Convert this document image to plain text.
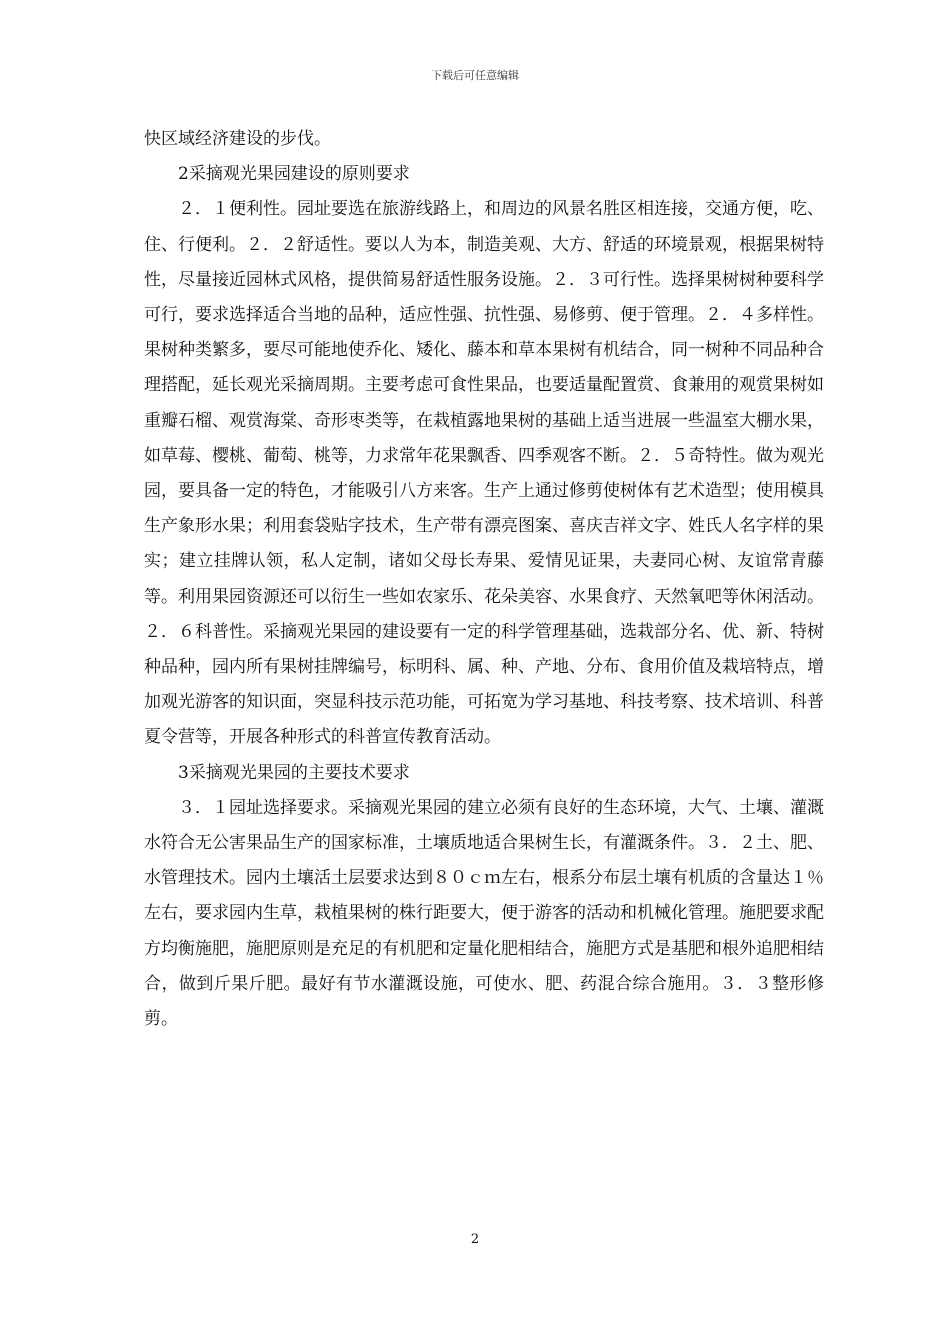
下载后可任意编辑

快区域经济建设的步伐。

2采摘观光果园建设的原则要求

２．１便利性。园址要选在旅游线路上，和周边的风景名胜区相连接，交通方便，吃、住、行便利。２．２舒适性。要以人为本，制造美观、大方、舒适的环境景观，根据果树特性，尽量接近园林式风格，提供简易舒适性服务设施。２．３可行性。选择果树树种要科学可行，要求选择适合当地的品种，适应性强、抗性强、易修剪、便于管理。２．４多样性。果树种类繁多，要尽可能地使乔化、矮化、藤本和草本果树有机结合，同一树种不同品种合理搭配，延长观光采摘周期。主要考虑可食性果品，也要适量配置赏、食兼用的观赏果树如重瓣石榴、观赏海棠、奇形枣类等，在栽植露地果树的基础上适当进展一些温室大棚水果，如草莓、樱桃、葡萄、桃等，力求常年花果飘香、四季观客不断。２．５奇特性。做为观光园，要具备一定的特色，才能吸引八方来客。生产上通过修剪使树体有艺术造型；使用模具生产象形水果；利用套袋贴字技术，生产带有漂亮图案、喜庆吉祥文字、姓氏人名字样的果实；建立挂牌认领，私人定制，诸如父母长寿果、爱情见证果，夫妻同心树、友谊常青藤等。利用果园资源还可以衍生一些如农家乐、花朵美容、水果食疗、天然氧吧等休闲活动。２．６科普性。采摘观光果园的建设要有一定的科学管理基础，选栽部分名、优、新、特树种品种，园内所有果树挂牌编号，标明科、属、种、产地、分布、食用价值及栽培特点，增加观光游客的知识面，突显科技示范功能，可拓宽为学习基地、科技考察、技术培训、科普夏令营等，开展各种形式的科普宣传教育活动。

3采摘观光果园的主要技术要求

３．１园址选择要求。采摘观光果园的建立必须有良好的生态环境，大气、土壤、灌溉水符合无公害果品生产的国家标准，土壤质地适合果树生长，有灌溉条件。３．２土、肥、水管理技术。园内土壤活土层要求达到８０ｃｍ左右，根系分布层土壤有机质的含量达１％左右，要求园内生草，栽植果树的株行距要大，便于游客的活动和机械化管理。施肥要求配方均衡施肥，施肥原则是充足的有机肥和定量化肥相结合，施肥方式是基肥和根外追肥相结合，做到斤果斤肥。最好有节水灌溉设施，可使水、肥、药混合综合施用。３．３整形修剪。

2
